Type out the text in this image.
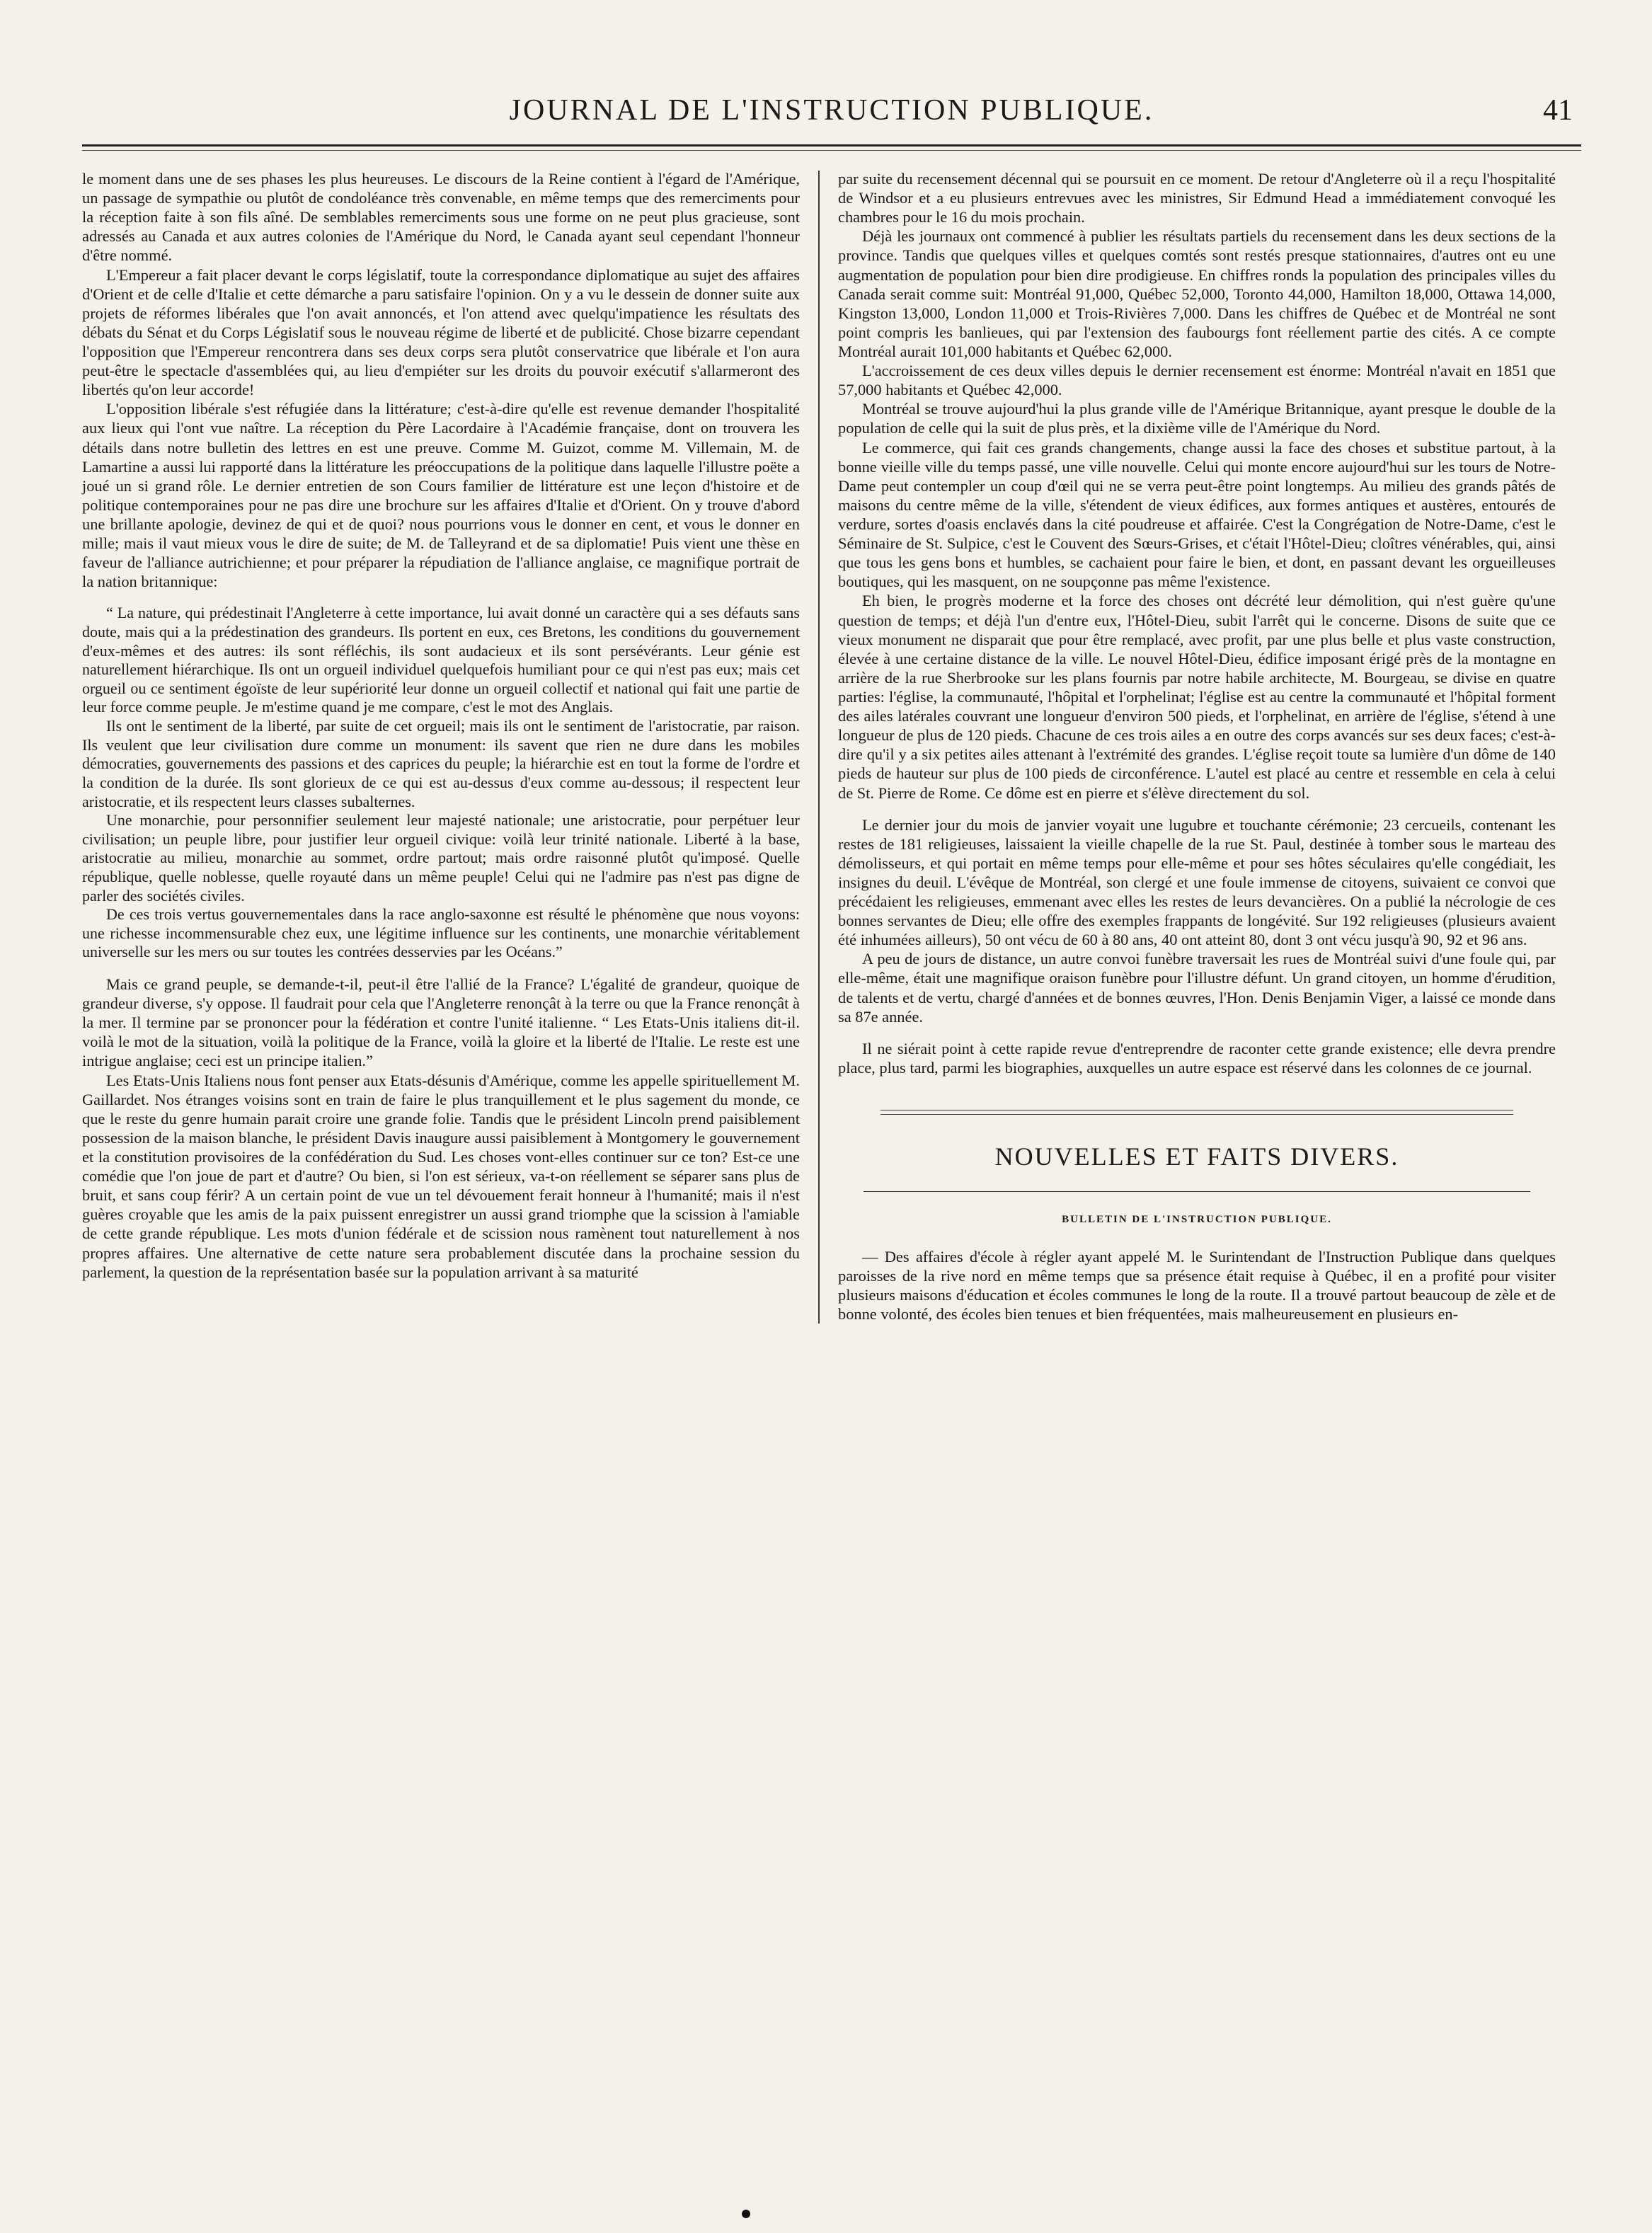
JOURNAL DE L'INSTRUCTION PUBLIQUE.	41

le moment dans une de ses phases les plus heureuses. Le discours de la Reine contient à l'égard de l'Amérique, un passage de sympathie ou plutôt de condoléance très convenable, en même temps que des remerciments pour la réception faite à son fils aîné. De semblables remerciments sous une forme on ne peut plus gracieuse, sont adressés au Canada et aux autres colonies de l'Amérique du Nord, le Canada ayant seul cependant l'honneur d'être nommé.

L'Empereur a fait placer devant le corps législatif, toute la correspondance diplomatique au sujet des affaires d'Orient et de celle d'Italie et cette démarche a paru satisfaire l'opinion. On y a vu le dessein de donner suite aux projets de réformes libérales que l'on avait annoncés, et l'on attend avec quelqu'impatience les résultats des débats du Sénat et du Corps Législatif sous le nouveau régime de liberté et de publicité. Chose bizarre cependant l'opposition que l'Empereur rencontrera dans ses deux corps sera plutôt conservatrice que libérale et l'on aura peut-être le spectacle d'assemblées qui, au lieu d'empiéter sur les droits du pouvoir exécutif s'allarmeront des libertés qu'on leur accorde!

L'opposition libérale s'est réfugiée dans la littérature; c'est-à-dire qu'elle est revenue demander l'hospitalité aux lieux qui l'ont vue naître. La réception du Père Lacordaire à l'Académie française, dont on trouvera les détails dans notre bulletin des lettres en est une preuve. Comme M. Guizot, comme M. Villemain, M. de Lamartine a aussi lui rapporté dans la littérature les préoccupations de la politique dans laquelle l'illustre poëte a joué un si grand rôle. Le dernier entretien de son Cours familier de littérature est une leçon d'histoire et de politique contemporaines pour ne pas dire une brochure sur les affaires d'Italie et d'Orient. On y trouve d'abord une brillante apologie, devinez de qui et de quoi? nous pourrions vous le donner en cent, et vous le donner en mille; mais il vaut mieux vous le dire de suite; de M. de Talleyrand et de sa diplomatie! Puis vient une thèse en faveur de l'alliance autrichienne; et pour préparer la répudiation de l'alliance anglaise, ce magnifique portrait de la nation britannique:

“ La nature, qui prédestinait l'Angleterre à cette importance, lui avait donné un caractère qui a ses défauts sans doute, mais qui a la prédestination des grandeurs. Ils portent en eux, ces Bretons, les conditions du gouvernement d'eux-mêmes et des autres: ils sont réfléchis, ils sont audacieux et ils sont persévérants. Leur génie est naturellement hiérarchique. Ils ont un orgueil individuel quelquefois humiliant pour ce qui n'est pas eux; mais cet orgueil ou ce sentiment égoïste de leur supériorité leur donne un orgueil collectif et national qui fait une partie de leur force comme peuple. Je m'estime quand je me compare, c'est le mot des Anglais.

Ils ont le sentiment de la liberté, par suite de cet orgueil; mais ils ont le sentiment de l'aristocratie, par raison. Ils veulent que leur civilisation dure comme un monument: ils savent que rien ne dure dans les mobiles démocraties, gouvernements des passions et des caprices du peuple; la hiérarchie est en tout la forme de l'ordre et la condition de la durée. Ils sont glorieux de ce qui est au-dessus d'eux comme au-dessous; il respectent leur aristocratie, et ils respectent leurs classes subalternes.

Une monarchie, pour personnifier seulement leur majesté nationale; une aristocratie, pour perpétuer leur civilisation; un peuple libre, pour justifier leur orgueil civique: voilà leur trinité nationale. Liberté à la base, aristocratie au milieu, monarchie au sommet, ordre partout; mais ordre raisonné plutôt qu'imposé. Quelle république, quelle noblesse, quelle royauté dans un même peuple! Celui qui ne l'admire pas n'est pas digne de parler des sociétés civiles.

De ces trois vertus gouvernementales dans la race anglo-saxonne est résulté le phénomène que nous voyons: une richesse incommensurable chez eux, une légitime influence sur les continents, une monarchie véritablement universelle sur les mers ou sur toutes les contrées desservies par les Océans.”

Mais ce grand peuple, se demande-t-il, peut-il être l'allié de la France? L'égalité de grandeur, quoique de grandeur diverse, s'y oppose. Il faudrait pour cela que l'Angleterre renonçât à la terre ou que la France renonçât à la mer. Il termine par se prononcer pour la fédération et contre l'unité italienne. “ Les Etats-Unis italiens dit-il. voilà le mot de la situation, voilà la politique de la France, voilà la gloire et la liberté de l'Italie. Le reste est une intrigue anglaise; ceci est un principe italien.”

Les Etats-Unis Italiens nous font penser aux Etats-désunis d'Amérique, comme les appelle spirituellement M. Gaillardet. Nos étranges voisins sont en train de faire le plus tranquillement et le plus sagement du monde, ce que le reste du genre humain parait croire une grande folie. Tandis que le président Lincoln prend paisiblement possession de la maison blanche, le président Davis inaugure aussi paisiblement à Montgomery le gouvernement et la constitution provisoires de la confédération du Sud. Les choses vont-elles continuer sur ce ton? Est-ce une comédie que l'on joue de part et d'autre? Ou bien, si l'on est sérieux, va-t-on réellement se séparer sans plus de bruit, et sans coup férir? A un certain point de vue un tel dévouement ferait honneur à l'humanité; mais il n'est guères croyable que les amis de la paix puissent enregistrer un aussi grand triomphe que la scission à l'amiable de cette grande république. Les mots d'union fédérale et de scission nous ramènent tout naturellement à nos propres affaires. Une alternative de cette nature sera probablement discutée dans la prochaine session du parlement, la question de la représentation basée sur la population arrivant à sa maturité

par suite du recensement décennal qui se poursuit en ce moment. De retour d'Angleterre où il a reçu l'hospitalité de Windsor et a eu plusieurs entrevues avec les ministres, Sir Edmund Head a immédiatement convoqué les chambres pour le 16 du mois prochain.

Déjà les journaux ont commencé à publier les résultats partiels du recensement dans les deux sections de la province. Tandis que quelques villes et quelques comtés sont restés presque stationnaires, d'autres ont eu une augmentation de population pour bien dire prodigieuse. En chiffres ronds la population des principales villes du Canada serait comme suit: Montréal 91,000, Québec 52,000, Toronto 44,000, Hamilton 18,000, Ottawa 14,000, Kingston 13,000, London 11,000 et Trois-Rivières 7,000. Dans les chiffres de Québec et de Montréal ne sont point compris les banlieues, qui par l'extension des faubourgs font réellement partie des cités. A ce compte Montréal aurait 101,000 habitants et Québec 62,000.

L'accroissement de ces deux villes depuis le dernier recensement est énorme: Montréal n'avait en 1851 que 57,000 habitants et Québec 42,000.

Montréal se trouve aujourd'hui la plus grande ville de l'Amérique Britannique, ayant presque le double de la population de celle qui la suit de plus près, et la dixième ville de l'Amérique du Nord.

Le commerce, qui fait ces grands changements, change aussi la face des choses et substitue partout, à la bonne vieille ville du temps passé, une ville nouvelle. Celui qui monte encore aujourd'hui sur les tours de Notre-Dame peut contempler un coup d'œil qui ne se verra peut-être point longtemps. Au milieu des grands pâtés de maisons du centre même de la ville, s'étendent de vieux édifices, aux formes antiques et austères, entourés de verdure, sortes d'oasis enclavés dans la cité poudreuse et affairée. C'est la Congrégation de Notre-Dame, c'est le Séminaire de St. Sulpice, c'est le Couvent des Sœurs-Grises, et c'était l'Hôtel-Dieu; cloîtres vénérables, qui, ainsi que tous les gens bons et humbles, se cachaient pour faire le bien, et dont, en passant devant les orgueilleuses boutiques, qui les masquent, on ne soupçonne pas même l'existence.

Eh bien, le progrès moderne et la force des choses ont décrété leur démolition, qui n'est guère qu'une question de temps; et déjà l'un d'entre eux, l'Hôtel-Dieu, subit l'arrêt qui le concerne. Disons de suite que ce vieux monument ne disparait que pour être remplacé, avec profit, par une plus belle et plus vaste construction, élevée à une certaine distance de la ville. Le nouvel Hôtel-Dieu, édifice imposant érigé près de la montagne en arrière de la rue Sherbrooke sur les plans fournis par notre habile architecte, M. Bourgeau, se divise en quatre parties: l'église, la communauté, l'hôpital et l'orphelinat; l'église est au centre la communauté et l'hôpital forment des ailes latérales couvrant une longueur d'environ 500 pieds, et l'orphelinat, en arrière de l'église, s'étend à une longueur de plus de 120 pieds. Chacune de ces trois ailes a en outre des corps avancés sur ses deux faces; c'est-à-dire qu'il y a six petites ailes attenant à l'extrémité des grandes. L'église reçoit toute sa lumière d'un dôme de 140 pieds de hauteur sur plus de 100 pieds de circonférence. L'autel est placé au centre et ressemble en cela à celui de St. Pierre de Rome. Ce dôme est en pierre et s'élève directement du sol.

Le dernier jour du mois de janvier voyait une lugubre et touchante cérémonie; 23 cercueils, contenant les restes de 181 religieuses, laissaient la vieille chapelle de la rue St. Paul, destinée à tomber sous le marteau des démolisseurs, et qui portait en même temps pour elle-même et pour ses hôtes séculaires qu'elle congédiait, les insignes du deuil. L'évêque de Montréal, son clergé et une foule immense de citoyens, suivaient ce convoi que précédaient les religieuses, emmenant avec elles les restes de leurs devancières. On a publié la nécrologie de ces bonnes servantes de Dieu; elle offre des exemples frappants de longévité. Sur 192 religieuses (plusieurs avaient été inhumées ailleurs), 50 ont vécu de 60 à 80 ans, 40 ont atteint 80, dont 3 ont vécu jusqu'à 90, 92 et 96 ans.

A peu de jours de distance, un autre convoi funèbre traversait les rues de Montréal suivi d'une foule qui, par elle-même, était une magnifique oraison funèbre pour l'illustre défunt. Un grand citoyen, un homme d'érudition, de talents et de vertu, chargé d'années et de bonnes œuvres, l'Hon. Denis Benjamin Viger, a laissé ce monde dans sa 87e année.

Il ne siérait point à cette rapide revue d'entreprendre de raconter cette grande existence; elle devra prendre place, plus tard, parmi les biographies, auxquelles un autre espace est réservé dans les colonnes de ce journal.

NOUVELLES ET FAITS DIVERS.
BULLETIN DE L'INSTRUCTION PUBLIQUE.

— Des affaires d'école à régler ayant appelé M. le Surintendant de l'Instruction Publique dans quelques paroisses de la rive nord en même temps que sa présence était requise à Québec, il en a profité pour visiter plusieurs maisons d'éducation et écoles communes le long de la route. Il a trouvé partout beaucoup de zèle et de bonne volonté, des écoles bien tenues et bien fréquentées, mais malheureusement en plusieurs en-
